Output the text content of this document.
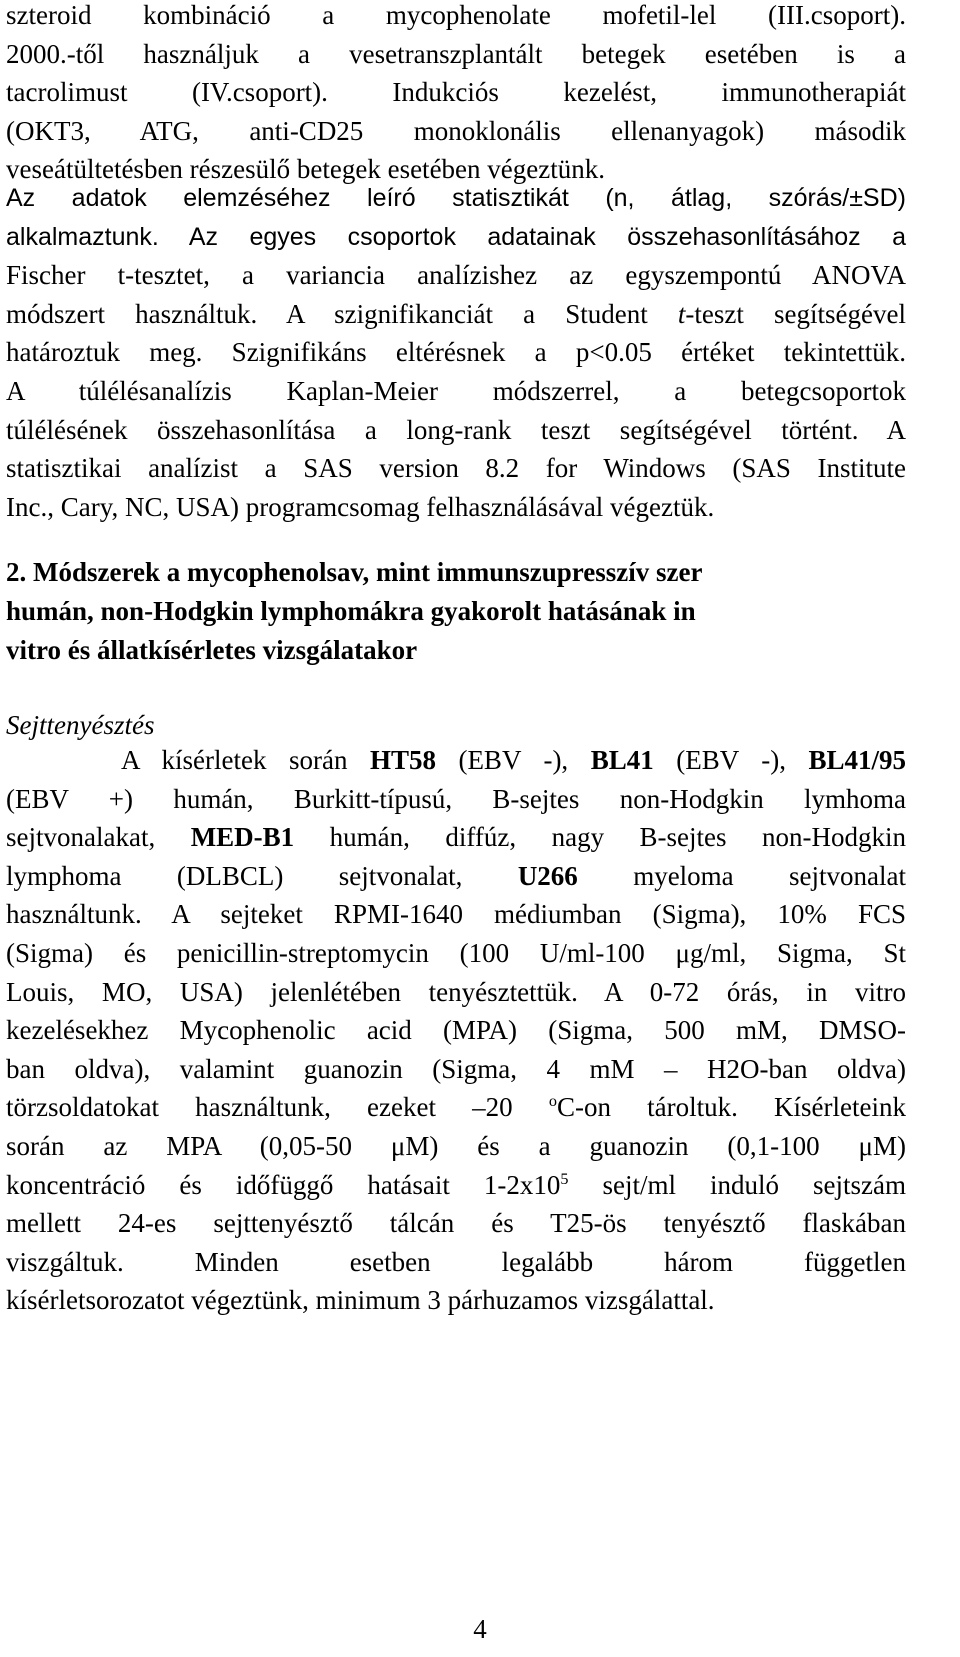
szteroid kombináció a mycophenolate mofetil-lel (III.csoport).
2000.-től használjuk a vesetranszplantált betegek esetében is a
tacrolimust (IV.csoport). Indukciós kezelést, immunotherapiát
(OKT3, ATG, anti-CD25 monoklonális ellenanyagok) második
veseátültetésben részesülő betegek esetében végeztünk.
Az adatok elemzéséhez leíró statisztikát (n, átlag, szórás/±SD)
alkalmaztunk. Az egyes csoportok adatainak összehasonlításához a
Fischer t-tesztet, a variancia analízishez az egyszempontú ANOVA
módszert használtuk. A szignifikanciát a Student t-teszt segítségével
határoztuk meg. Szignifikáns eltérésnek a p<0.05 értéket tekintettük.
A túlélésanalízis Kaplan-Meier módszerrel, a betegcsoportok
túlélésének összehasonlítása a long-rank teszt segítségével történt. A
statisztikai analízist a SAS version 8.2 for Windows (SAS Institute
Inc., Cary, NC, USA) programcsomag felhasználásával végeztük.
2. Módszerek a mycophenolsav, mint immunszupresszív szer
humán, non-Hodgkin lymphomákra gyakorolt hatásának in
vitro és állatkísérletes vizsgálatakor
Sejttenyésztés
A kísérletek során HT58 (EBV -), BL41 (EBV -), BL41/95
(EBV +) humán, Burkitt-típusú, B-sejtes non-Hodgkin lymhoma
sejtvonalakat, MED-B1 humán, diffúz, nagy B-sejtes non-Hodgkin
lymphoma (DLBCL) sejtvonalat, U266 myeloma sejtvonalat
használtunk. A sejteket RPMI-1640 médiumban (Sigma), 10% FCS
(Sigma) és penicillin-streptomycin (100 U/ml-100 μg/ml, Sigma, St
Louis, MO, USA) jelenlétében tenyésztettük. A 0-72 órás, in vitro
kezelésekhez Mycophenolic acid (MPA) (Sigma, 500 mM, DMSO-
ban oldva), valamint guanozin (Sigma, 4 mM – H2O-ban oldva)
törzsoldatokat használtunk, ezeket –20 $^o$C-on tároltuk. Kísérleteink
során az MPA (0,05-50 μM) és a guanozin (0,1-100 μM)
koncentráció és időfüggő hatásait $1-2x10^5$ sejt/ml induló sejtszám
mellett 24-es sejttenyésztő tálcán és T25-ös tenyésztő flaskában
viszgáltuk. Minden esetben legalább három független
kísérletsorozatot végeztünk, minimum 3 párhuzamos vizsgálattal.
4
